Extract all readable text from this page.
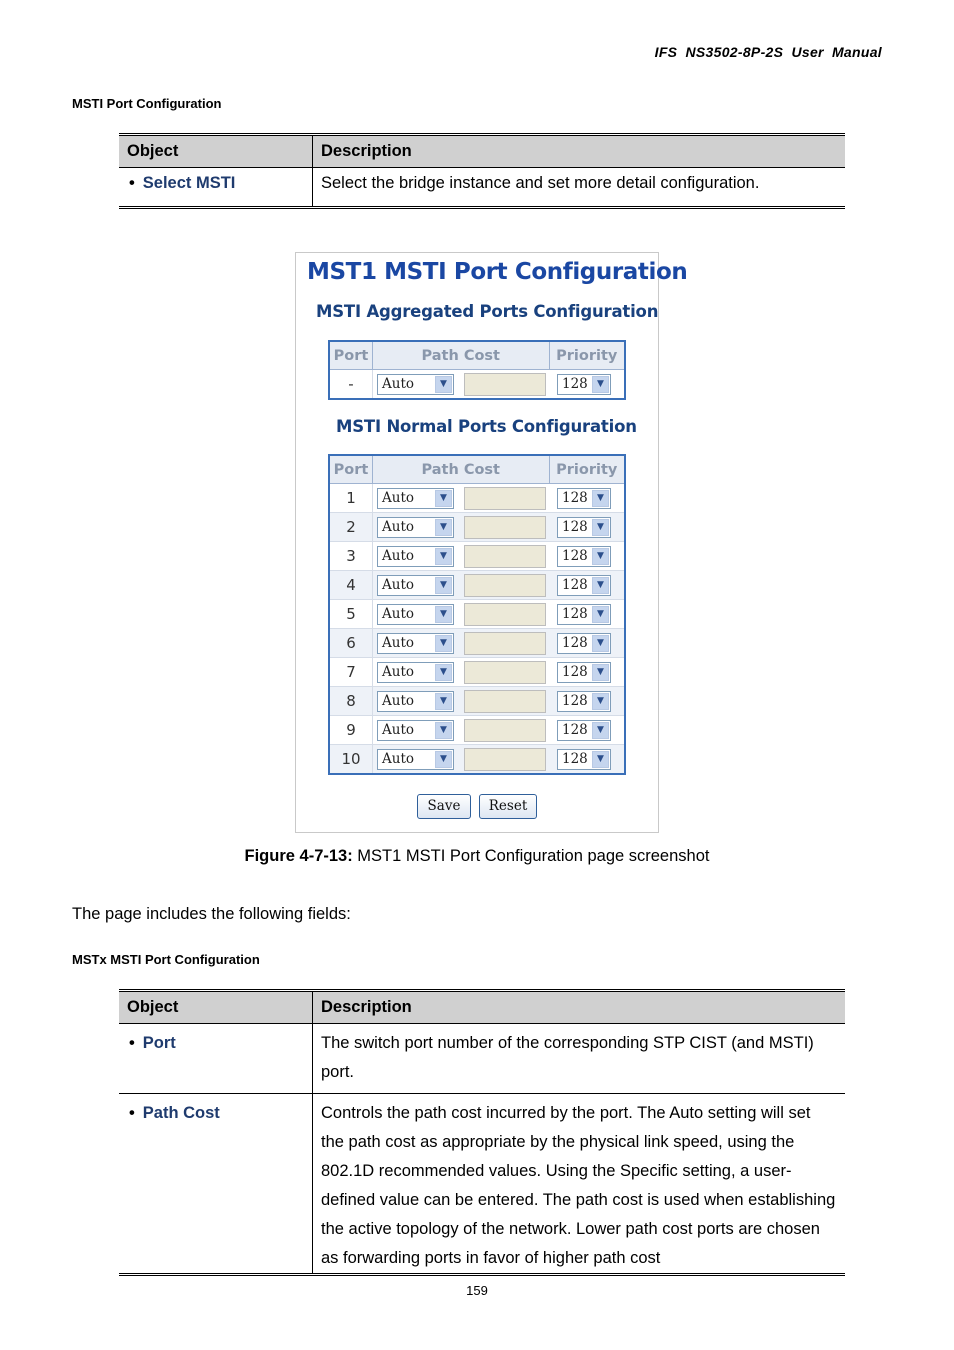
IFS NS3502-8P-2S User Manual
MSTI Port Configuration
Object	Description
• Select MSTI	Select the bridge instance and set more detail configuration.
MST1 MSTI Port Configuration
MSTI Aggregated Ports Configuration
Port	Path Cost	Priority
-	Auto ▼	128 ▼
MSTI Normal Ports Configuration
Port	Path Cost	Priority
1	Auto ▼	128 ▼

2	Auto ▼	128 ▼

3	Auto ▼	128 ▼

4	Auto ▼	128 ▼

5	Auto ▼	128 ▼

6	Auto ▼	128 ▼

7	Auto ▼	128 ▼

8	Auto ▼	128 ▼

9	Auto ▼	128 ▼

10	Auto ▼	128 ▼
Save	Reset
Figure 4-7-13: MST1 MSTI Port Configuration page screenshot
The page includes the following fields:
MSTx MSTI Port Configuration
Object	Description
• Port	The switch port number of the corresponding STP CIST (and MSTI) port.
• Path Cost	Controls the path cost incurred by the port. The Auto setting will set the path cost as appropriate by the physical link speed, using the 802.1D recommended values. Using the Specific setting, a user-defined value can be entered. The path cost is used when establishing the active topology of the network. Lower path cost ports are chosen as forwarding ports in favor of higher path cost
159
